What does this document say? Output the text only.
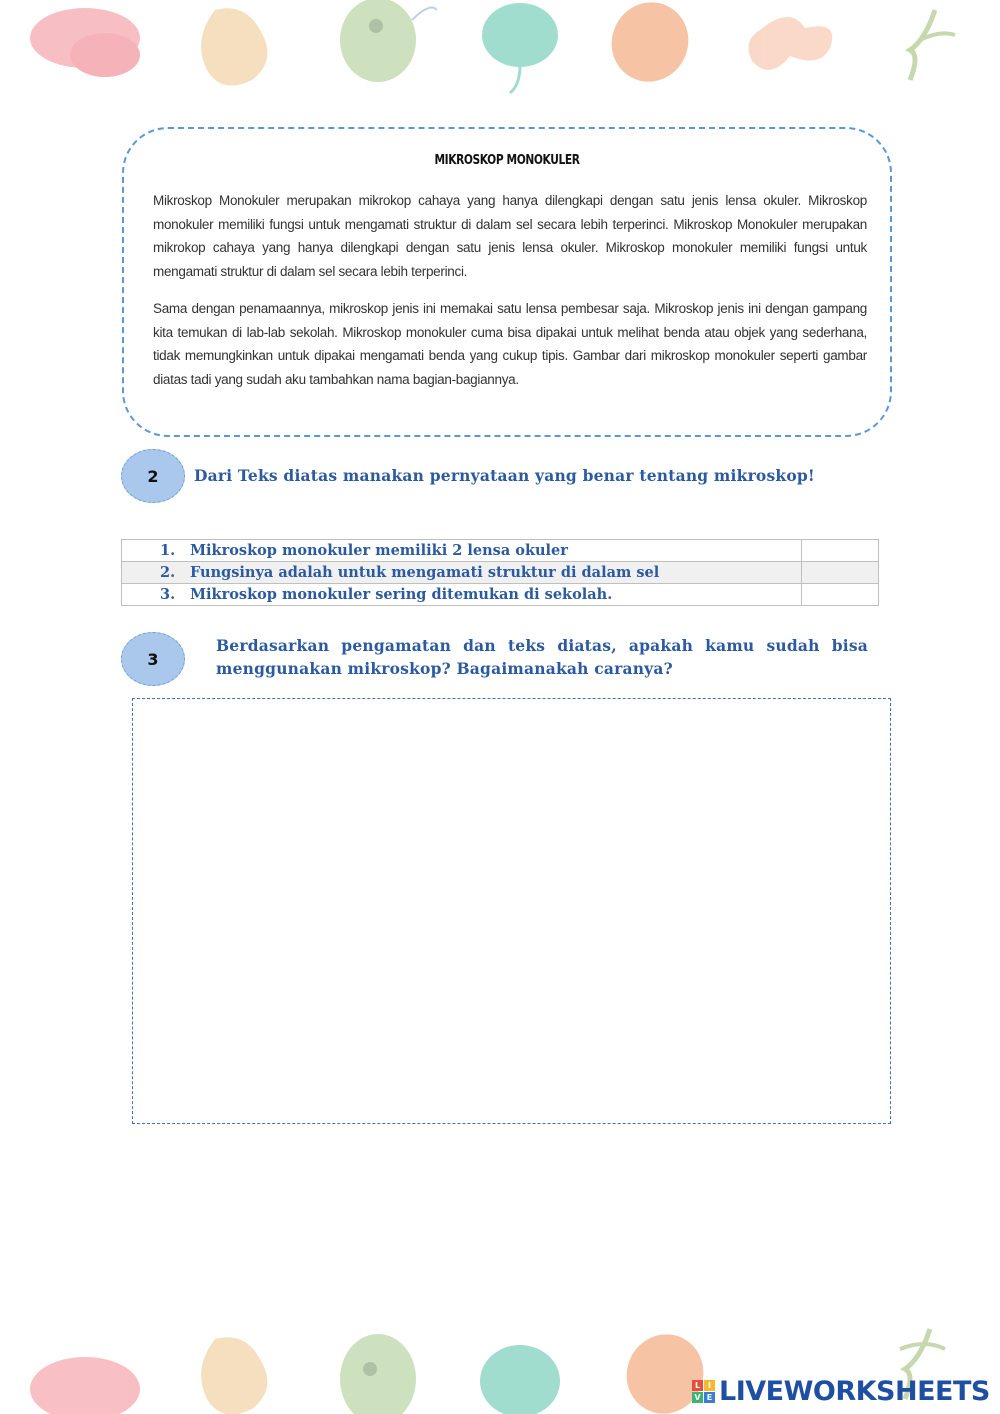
MIKROSKOP MONOKULER

Mikroskop Monokuler merupakan mikrokop cahaya yang hanya dilengkapi dengan satu jenis lensa okuler. Mikroskop monokuler memiliki fungsi untuk mengamati struktur di dalam sel secara lebih terperinci. Mikroskop Monokuler merupakan mikrokop cahaya yang hanya dilengkapi dengan satu jenis lensa okuler. Mikroskop monokuler memiliki fungsi untuk mengamati struktur di dalam sel secara lebih terperinci.

Sama dengan penamaannya, mikroskop jenis ini memakai satu lensa pembesar saja. Mikroskop jenis ini dengan gampang kita temukan di lab-lab sekolah. Mikroskop monokuler cuma bisa dipakai untuk melihat benda atau objek yang sederhana, tidak memungkinkan untuk dipakai mengamati benda yang cukup tipis. Gambar dari mikroskop monokuler seperti gambar diatas tadi yang sudah aku tambahkan nama bagian-bagiannya.

2	Dari Teks diatas manakan pernyataan yang benar tentang mikroskop!
1. Mikroskop monokuler memiliki 2 lensa okuler	
2. Fungsinya adalah untuk mengamati struktur di dalam sel	
3. Mikroskop monokuler sering ditemukan di sekolah.	
3
Berdasarkan pengamatan dan teks diatas, apakah kamu sudah bisa menggunakan mikroskop? Bagaimanakah caranya?
L I
V E LIVEWORKSHEETS
